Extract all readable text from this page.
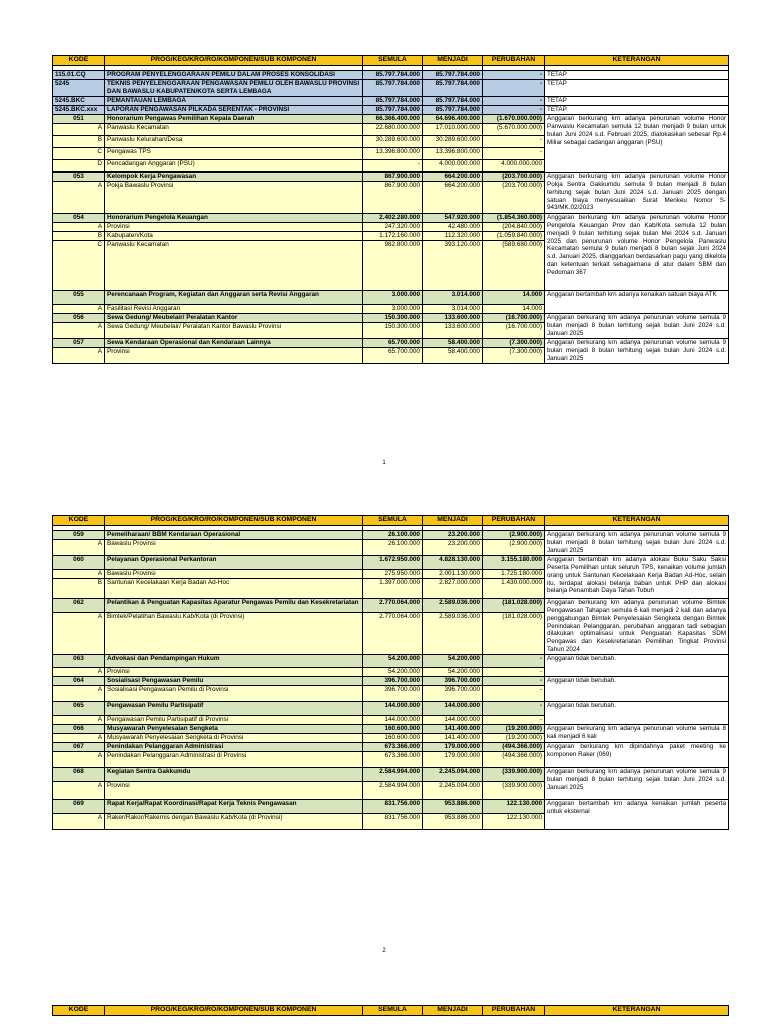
KODE	PROG/KEG/KRO/RO/KOMPONEN/SUB KOMPONEN	SEMULA	MENJADI	PERUBAHAN	KETERANGAN

115.01.CQ	PROGRAM PENYELENGGARAAN PEMILU DALAM PROSES KONSOLIDASI	85.797.784.000	85.797.784.000	-	TETAP
5245	TEKNIS PENYELENGGARAAN PENGAWASAN PEMILU OLEH BAWASLU PROVINSI DAN BAWASLU KABUPATEN/KOTA SERTA LEMBAGA	85.797.784.000	85.797.784.000	-	TETAP
5245.BKC	PEMANTAUAN LEMBAGA	85.797.784.000	85.797.784.000	-	TETAP
5245.BKC.xxx	LAPORAN PENGAWASAN PILKADA SERENTAK - PROVINSI	85.797.784.000	85.797.784.000	-	TETAP
051	Honorarium Pengawas Pemilihan Kepala Daerah	66.366.400.000	64.696.400.000	(1.670.000.000)	Anggaran berkurang krn adanya penurunan volume Honor Panwaslu Kecamatan semula 12 bulan menjadi 9 bulan untuk bulan Juni 2024 s.d. Februari 2025, dialokasikan sebesar Rp.4 Miliar sebagai cadangan anggaran (PSU)
A	Panwaslu Kecamatan	22.680.000.000	17.010.000.000	(5.670.000.000)	
B	Panwaslu Kelurahan/Desa	30.289.600.000	30.289.600.000	-	
C	Pengawas TPS	13.396.800.000	13.396.800.000	-	
D	Pencadangan Anggaran (PSU)	-	4.000.000.000	4.000.000.000	

053	Kelompok Kerja Pengawasan	867.900.000	664.200.000	(203.700.000)	Anggaran berkurang krn adanya penurunan volume Honor Pokja Sentra Gakkumdu semula 9 bulan menjadi 8 bulan terhitung sejak bulan Juni 2024 s.d. Januari 2025 dengan satuan biaya menyesuaikan Surat Menkeu Nomor S-943/MK.02/2023
A	Pokja Bawaslu Provinsi	867.900.000	664.200.000	(203.700.000)	
054	Honorarium Pengelola Keuangan	2.402.280.000	547.920.000	(1.854.360.000)	Anggaran berkurang krn adanya penurunan volume Honor Pengelola Keuangan Prov dan Kab/Kota semula 12 bulan menjadi 9 bulan terhitung sejak bulan Mei 2024 s.d. Januari 2025 dan penurunan volume Honor Pengelola Panwaslu Kecamatan semula 9 bulan menjadi 8 bulan sejak Juni 2024 s.d. Januari 2025, dianggarkan berdasarkan pagu yang dikelola dan ketentuan terkait sebagaimana di atur dalam SBM dan Pedoman 367
A	Provinsi	247.320.000	42.480.000	(204.840.000)	
B	Kabupaten/Kota	1.172.160.000	112.320.000	(1.059.840.000)	
C	Panwaslu Kecamatan	982.800.000	393.120.000	(589.680.000)	
055	Perencanaan Program, Kegiatan dan Anggaran serta Revisi Anggaran	3.000.000	3.014.000	14.000	Anggaran bertambah krn adanya kenaikan satuan biaya ATK
A	Fasilitasi Revisi Anggaran	3.000.000	3.014.000	14.000	
056	Sewa Gedung/ Meubelair/ Peralatan Kantor	150.300.000	133.600.000	(16.700.000)	Anggaran berkurang krn adanya penurunan volume semula 9 bulan menjadi 8 bulan terhitung sejak bulan Juni 2024 s.d. Januari 2025
A	Sewa Gedung/ Meubelair/ Peralatan Kantor Bawaslu Provinsi	150.300.000	133.600.000	(16.700.000)	
057	Sewa Kendaraan Operasional dan Kendaraan Lainnya	65.700.000	58.400.000	(7.300.000)	Anggaran berkurang krn adanya penurunan volume semula 9 bulan menjadi 8 bulan terhitung sejak bulan Juni 2024 s.d. Januari 2025
A	Provinsi	65.700.000	58.400.000	(7.300.000)	
1
KODE	PROG/KEG/KRO/RO/KOMPONEN/SUB KOMPONEN	SEMULA	MENJADI	PERUBAHAN	KETERANGAN

059	Pemeliharaan/ BBM Kendaraan Operasional	26.100.000	23.200.000	(2.900.000)	Anggaran berkurang krn adanya penurunan volume semula 9 bulan menjadi 8 bulan terhitung sejak bulan Juni 2024 s.d. Januari 2025
A	Bawaslu Provinsi	26.100.000	23.200.000	(2.900.000)	
060	Pelayanan Operasional Perkantoran	1.672.950.000	4.828.130.000	3.155.180.000	Anggaran bertambah krn adanya alokasi Buku Saku Saksi Peserta Pemilihan untuk seluruh TPS, kenaikan volume jumlah orang untuk Santunan Kecelakaan Kerja Badan Ad-Hoc, selain itu, terdapat alokasi belanja baban untuk PHP dan alokasi belanja Penambah Daya Tahan Tubuh
A	Bawaslu Provinsi	275.950.000	2.001.130.000	1.725.180.000	
B	Santunan Kecelakaan Kerja Badan Ad-Hoc	1.397.000.000	2.827.000.000	1.430.000.000	
062	Pelantikan & Penguatan Kapasitas Aparatur Pengawas Pemilu dan Kesekretariatan	2.770.064.000	2.589.036.000	(181.028.000)	Anggaran berkurang krn adanya penurunan volume Bimtek Pengawasan Tahapan semula 6 kali menjadi 2 kali dan adanya penggabungan Bimtek Penyelesaian Sengketa dengan Bimtek Penindakan Pelanggaran, perubahan anggaran tadi sebagian dilakukan optimalisasi untuk Penguatan Kapasitas SDM Pengawas dan Kesekretariatan Pemilihan Tingkat Provinsi Tahun 2024
A	Bimtek/Pelatihan Bawaslu Kab/Kota (di Provinsi)	2.770.064.000	2.589.036.000	(181.028.000)	
063	Advokasi dan Pendampingan Hukum	54.200.000	54.200.000	-	Anggaran tidak berubah.
A	Provinsi	54.200.000	54.200.000	-	
064	Sosialisasi Pengawasan Pemilu	396.700.000	396.700.000	-	Anggaran tidak berubah.
A	Sosialisasi Pengawasan Pemilu di Provinsi	396.700.000	396.700.000	-	
065	Pengawasan Pemilu Partisipatif	144.000.000	144.000.000	-	Anggaran tidak berubah.
A	Pengawasan Pemilu Partisipatif di Provinsi	144.000.000	144.000.000	-	
066	Musyawarah Penyelesaian Sengketa	160.600.000	141.400.000	(19.200.000)	Anggaran berkurang krn adanya penurunan volume semula 8 kali menjadi 6 kali
A	Musyawarah Penyelesaian Sengketa di Provinsi	160.600.000	141.400.000	(19.200.000)	
067	Penindakan Pelanggaran Administrasi	673.366.000	179.000.000	(494.366.000)	Anggaran berkurang krn dipindahnya paket meeting ke komponen Raker (069)
A	Penindakan Pelanggaran Administrasi di Provinsi	673.366.000	179.000.000	(494.366.000)	
068	Kegiatan Sentra Gakkumdu	2.584.994.000	2.245.094.000	(339.900.000)	Anggaran berkurang krn adanya penurunan volume semula 9 bulan menjadi 8 bulan terhitung sejak bulan Juni 2024 s.d. Januari 2025
A	Provinsi	2.584.994.000	2.245.094.000	(339.900.000)	
069	Rapat Kerja/Rapat Koordinasi/Rapat Kerja Teknis Pengawasan	831.756.000	953.886.000	122.130.000	Anggaran bertambah krn adanya kenaikan jumlah peserta untuk eksternal
A	Raker/Rakor/Rakernis dengan Bawaslu Kab/Kota (di Provinsi)	831.756.000	953.886.000	122.130.000	
2
KODE	PROG/KEG/KRO/RO/KOMPONEN/SUB KOMPONEN	SEMULA	MENJADI	PERUBAHAN	KETERANGAN
